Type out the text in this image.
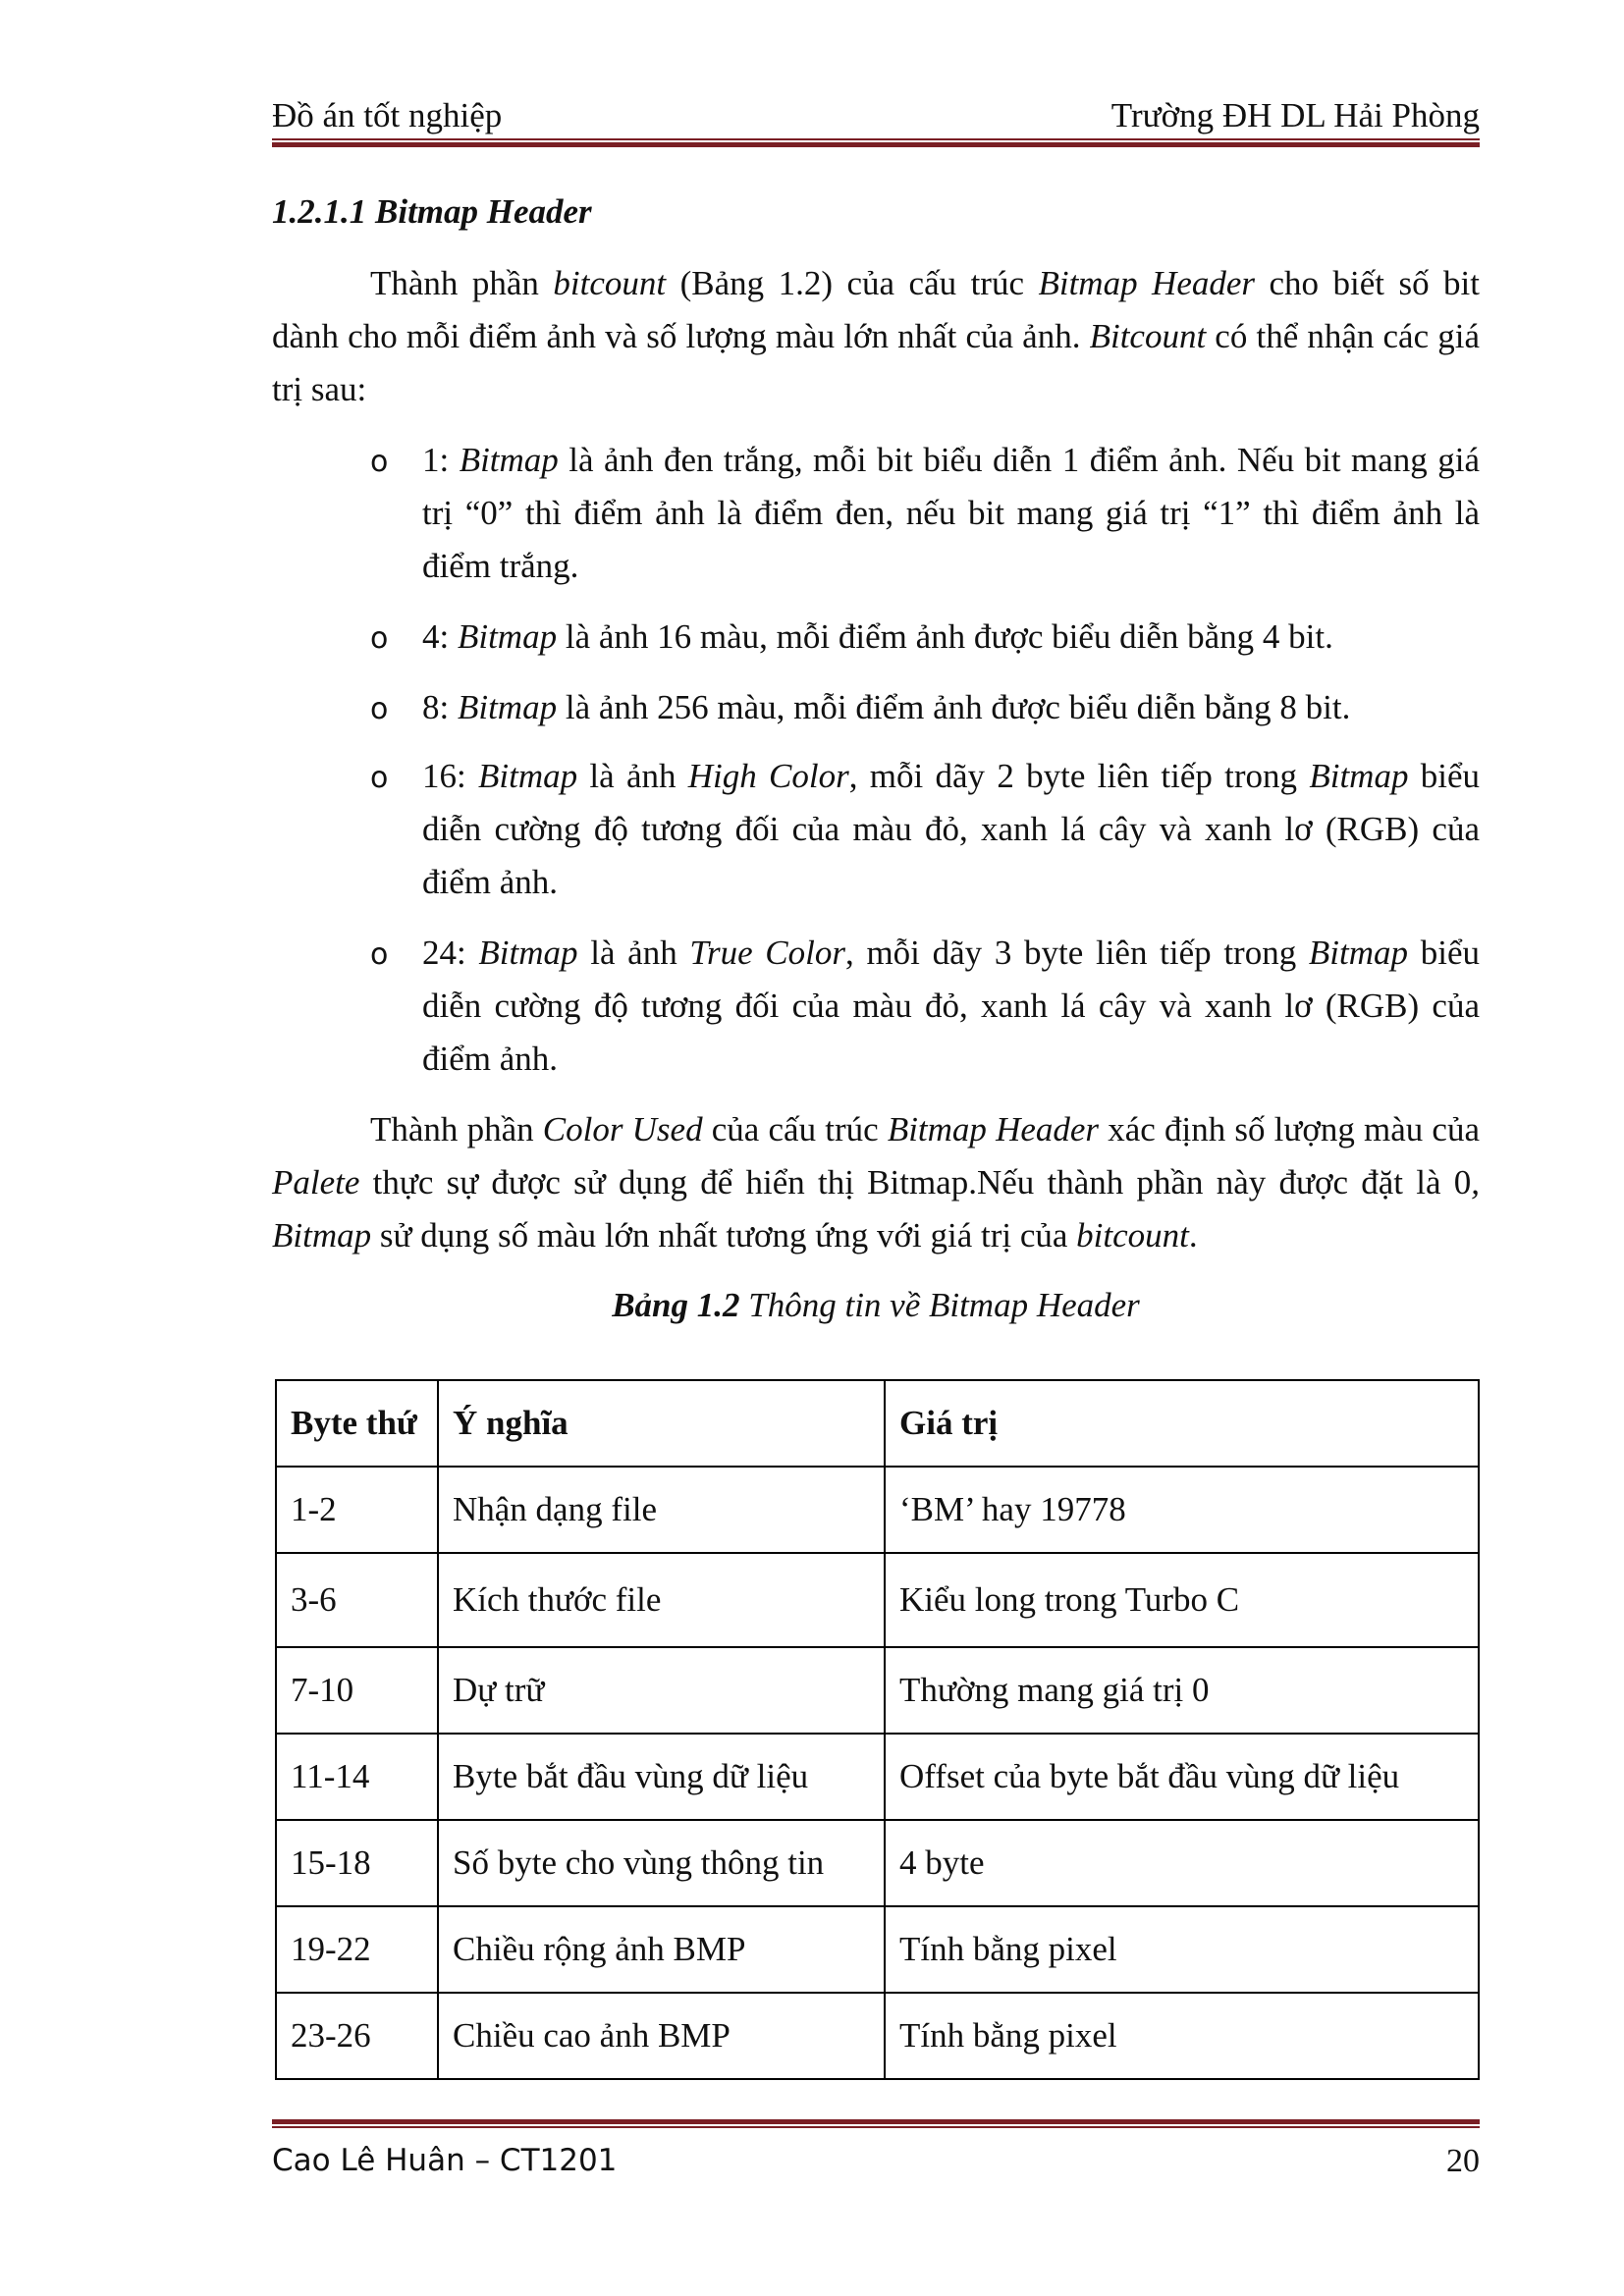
Đồ án tốt nghiệp	Trường ĐH DL Hải Phòng
1.2.1.1 Bitmap Header

Thành phần bitcount (Bảng 1.2) của cấu trúc Bitmap Header cho biết số bit dành cho mỗi điểm ảnh và số lượng màu lớn nhất của ảnh. Bitcount có thể nhận các giá trị sau:

o 1: Bitmap là ảnh đen trắng, mỗi bit biểu diễn 1 điểm ảnh. Nếu bit mang giá trị “0” thì điểm ảnh là điểm đen, nếu bit mang giá trị “1” thì điểm ảnh là điểm trắng.
o 4: Bitmap là ảnh 16 màu, mỗi điểm ảnh được biểu diễn bằng 4 bit.
o 8: Bitmap là ảnh 256 màu, mỗi điểm ảnh được biểu diễn bằng 8 bit.
o 16: Bitmap là ảnh High Color, mỗi dãy 2 byte liên tiếp trong Bitmap biểu diễn cường độ tương đối của màu đỏ, xanh lá cây và xanh lơ (RGB) của điểm ảnh.
o 24: Bitmap là ảnh True Color, mỗi dãy 3 byte liên tiếp trong Bitmap biểu diễn cường độ tương đối của màu đỏ, xanh lá cây và xanh lơ (RGB) của điểm ảnh.

Thành phần Color Used của cấu trúc Bitmap Header xác định số lượng màu của Palete thực sự được sử dụng để hiển thị Bitmap.Nếu thành phần này được đặt là 0, Bitmap sử dụng số màu lớn nhất tương ứng với giá trị của bitcount.

Bảng 1.2 Thông tin về Bitmap Header
Byte thứ	Ý nghĩa	Giá trị
1-2	Nhận dạng file	‘BM’ hay 19778
3-6	Kích thước file	Kiểu long trong Turbo C
7-10	Dự trữ	Thường mang giá trị 0
11-14	Byte bắt đầu vùng dữ liệu	Offset của byte bắt đầu vùng dữ liệu
15-18	Số byte cho vùng thông tin	4 byte
19-22	Chiều rộng ảnh BMP	Tính bằng pixel
23-26	Chiều cao ảnh BMP	Tính bằng pixel
Cao Lê Huân – CT1201	20
